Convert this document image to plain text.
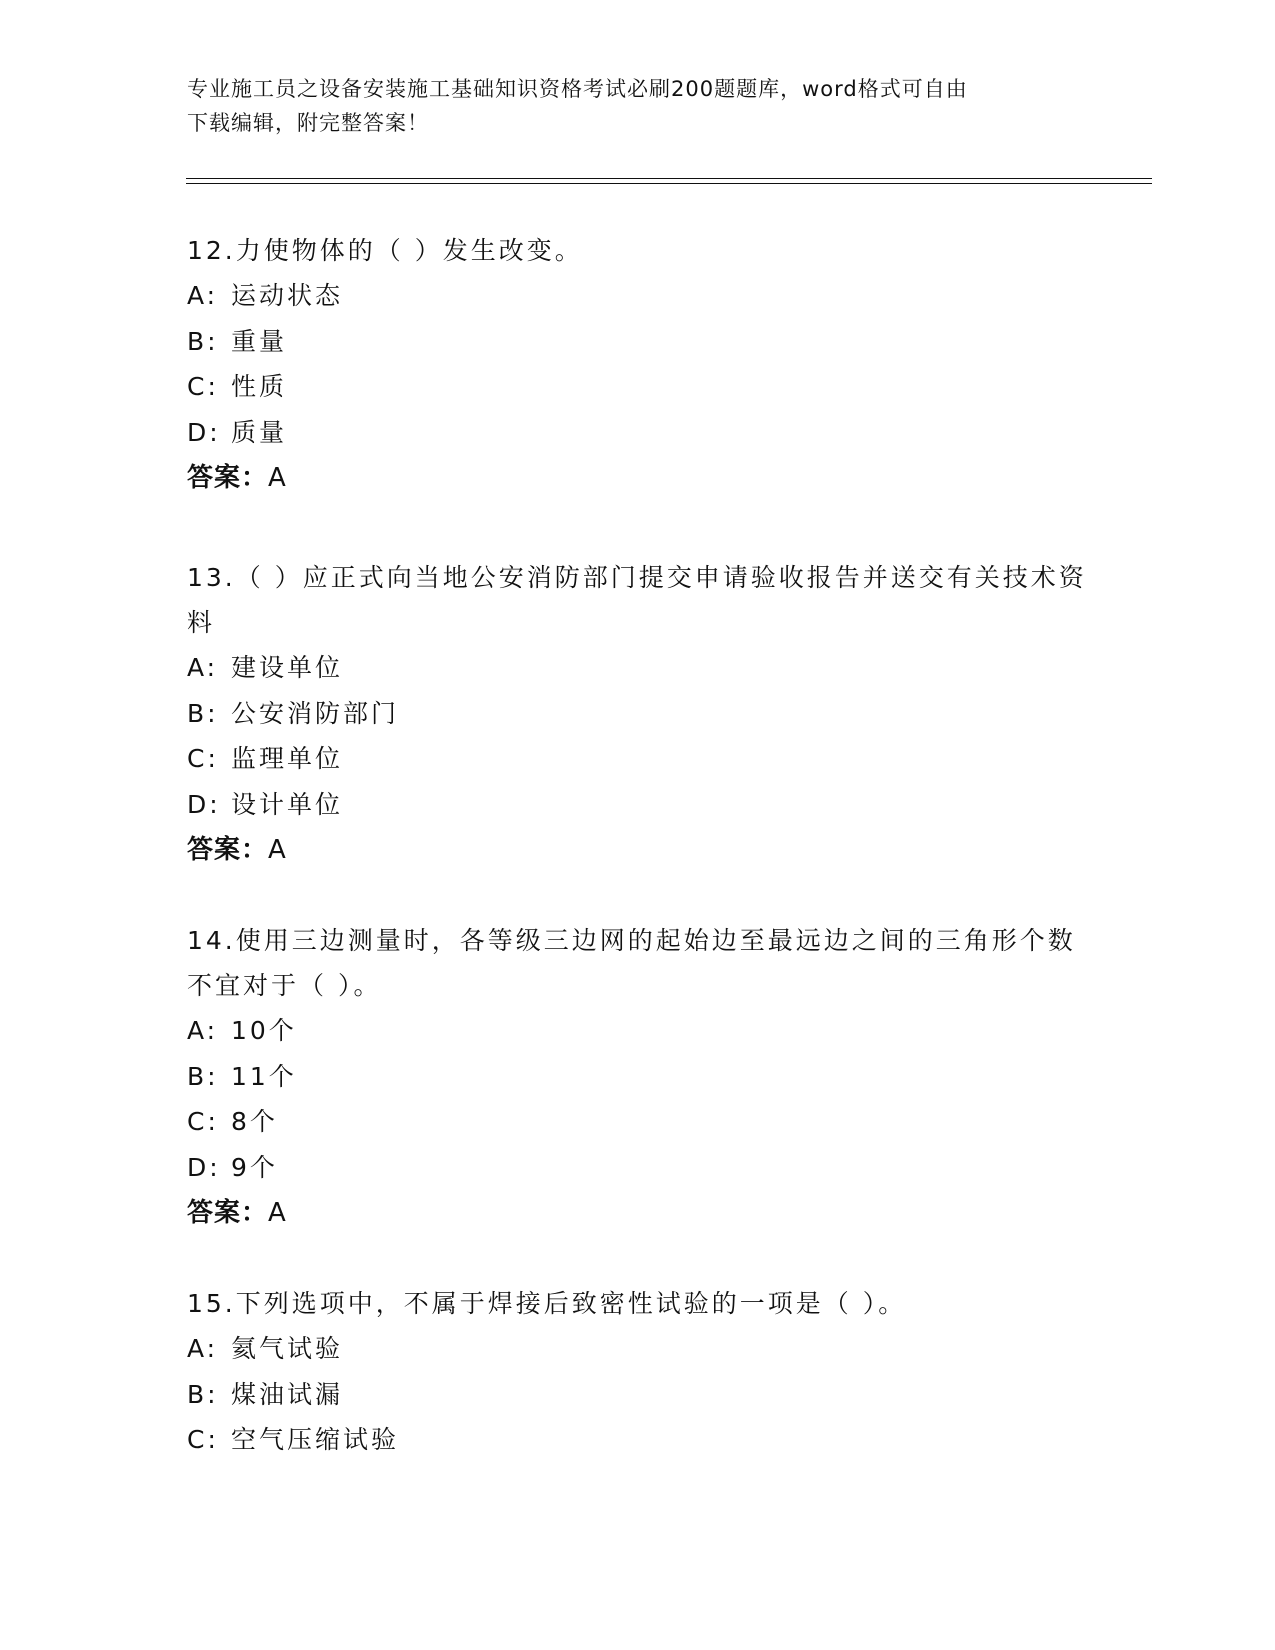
专业施工员之设备安装施工基础知识资格考试必刷200题题库，word格式可自由
下载编辑，附完整答案！

12.力使物体的（ ）发生改变。

A: 运动状态
B: 重量
C: 性质
D: 质量
答案：A

13.（ ）应正式向当地公安消防部门提交申请验收报告并送交有关技术资料

A: 建设单位
B: 公安消防部门
C: 监理单位
D: 设计单位
答案：A

14.使用三边测量时，各等级三边网的起始边至最远边之间的三角形个数不宜对于（ ）。

A: 10个
B: 11个
C: 8个
D: 9个
答案：A

15.下列选项中，不属于焊接后致密性试验的一项是（ ）。

A: 氦气试验
B: 煤油试漏
C: 空气压缩试验
